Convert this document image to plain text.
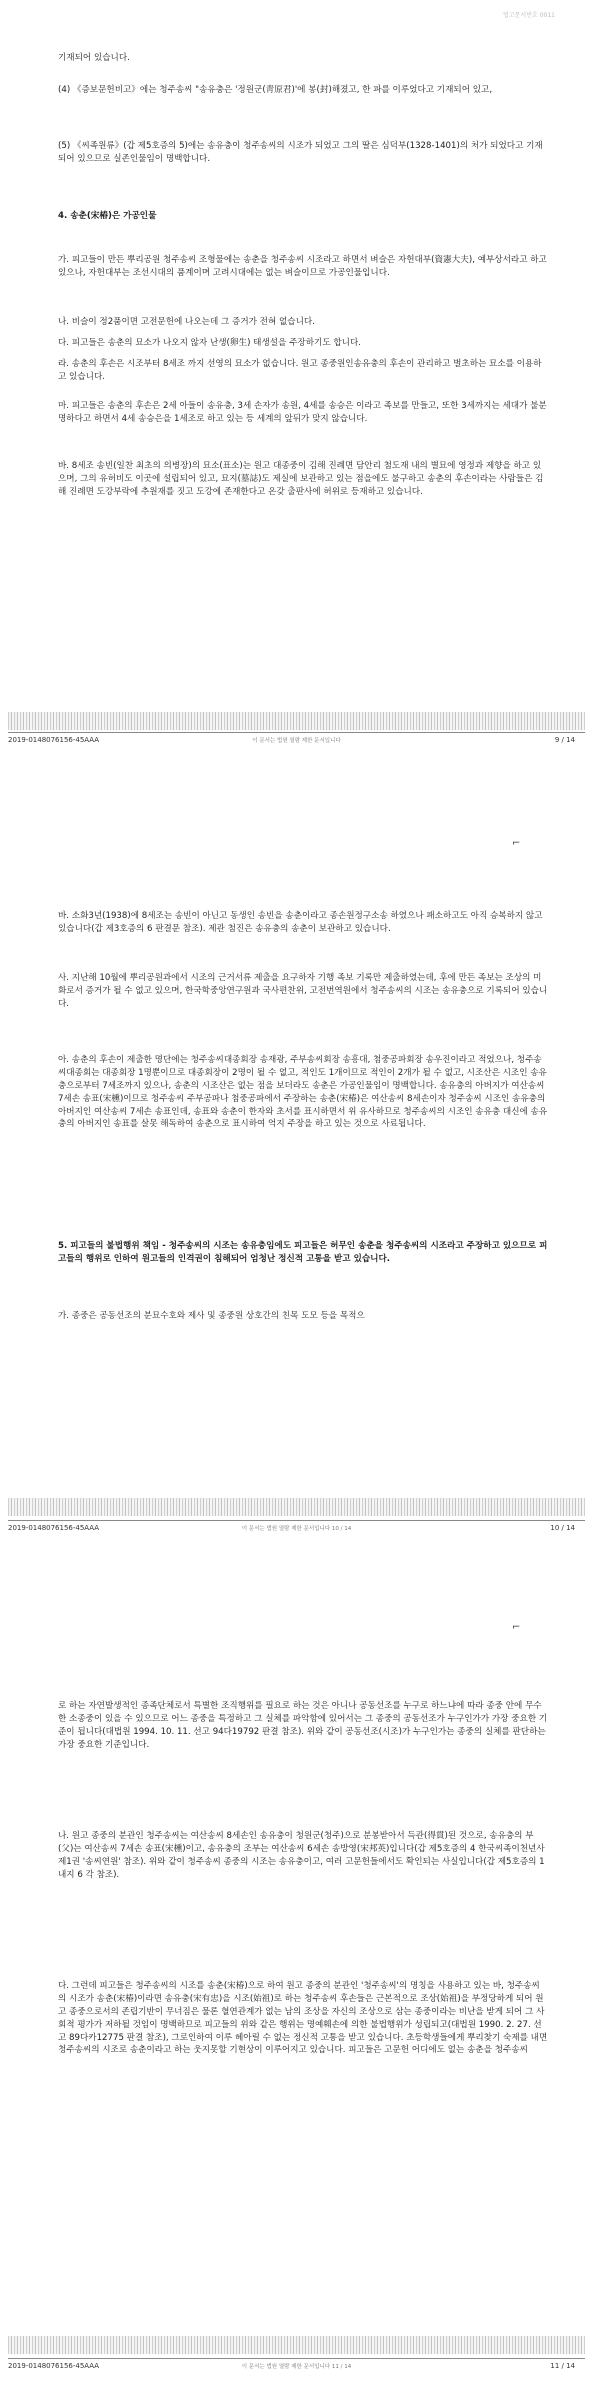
법고문서번호 0011

기재되어 있습니다.

(4) 《증보문헌비고》에는 청주송씨 "송유충은 '정원군(靑原君)'에 봉(封)해졌고, 한 파를 이루었다고 기재되어 있고,

(5) 《씨족원류》(갑 제5호증의 5)에는 송유충이 청주송씨의 시조가 되었고 그의 딸은 심덕부(1328-1401)의 처가 되었다고 기재되어 있으므로 실존인물임이 명백합니다.

4. 송춘(宋椿)은 가공인물

가. 피고들이 만든 뿌리공원 청주송씨 조형물에는 송춘을 청주송씨 시조라고 하면서 벼슬은 자헌대부(資憲大夫), 예부상서라고 하고 있으나, 자헌대부는 조선시대의 품계이며 고려시대에는 없는 벼슬이므로 가공인물입니다.

나. 비슬이 정2품이면 고전문헌에 나오는데 그 증거가 전혀 없습니다.

다. 피고들은 송춘의 묘소가 나오지 않자 난생(卵生) 태생설을 주장하기도 합니다.

라. 송춘의 후손은 시조부터 8세조 까지 선영의 묘소가 없습니다. 원고 종중원인송유충의 후손이 관리하고 벌초하는 묘소를 이용하고 있습니다.

마. 피고들은 송춘의 후손은 2세 아들이 송유충, 3세 손자가 송원, 4세를 송승은 이라고 족보를 만들고, 또한 3세까지는 세대가 불분명하다고 하면서 4세 송승은을 1세조로 하고 있는 등 세계의 앞뒤가 맞지 않습니다.

바. 8세조 송빈(일찬 최초의 의병장)의 묘소(표소)는 원고 대종중이 김해 진례면 담안리 첨도재 내의 별묘에 영정과 제향을 하고 있으며, 그의 유허비도 이곳에 설립되어 있고, 묘지(墓誌)도 제실에 보관하고 있는 점을에도 불구하고 송춘의 후손이라는 사람들은 김해 진례면 도강부락에 추원재를 짓고 도강에 존재한다고 온갖 출판사에 허위로 등재하고 있습니다.

2019-0148076156-45AAA	이 문서는 법원 열람 제한 문서입니다	9 / 14
⌐

바. 소화3년(1938)에 8세조는 송빈이 아닌고 동생인 송빈을 송춘이라고 종손원정구소송 하였으나 패소하고도 아직 승복하지 않고 있습니다(갑 제3호증의 6 판결문 참조). 제관 첨진은 송유충의 송춘이 보관하고 있습니다.

사. 지난해 10월에 뿌리공원과에서 시조의 근거서류 제출을 요구하자 기행 족보 기록만 제출하였는데, 후에 만든 족보는 조상의 미화로서 증거가 될 수 없고 있으며, 한국학중앙연구원과 국사편찬위, 고전번역원에서 청주송씨의 시조는 송유충으로 기록되어 있습니다.

아. 송춘의 후손이 제출한 명단에는 청주송씨대종회장 송재광, 주부송씨회장 송흥대, 첨중공파회장 송우진이라고 적었으나, 청주송씨대종회는 대종회장 1명뿐이므로 대종회장이 2명이 될 수 없고, 적인도 1개이므로 적인이 2개가 될 수 없고, 시조산은 시조인 송유충으로부터 7세조까지 있으나, 송춘의 시조산은 없는 점을 보더라도 송춘은 가공인물임이 명백합니다. 송유충의 아버지가 여산송씨 7세손 송표(宋櫄)이므로 청주송씨 주부공파나 첨중공파에서 주장하는 송춘(宋椿)은 여산송씨 8세손이자 청주송씨 시조인 송유충의 아버지인 여산송씨 7세손 송표인데, 송표와 송춘이 한자와 초서를 표시하면서 위 유사하므로 청주송씨의 시조인 송유충 대신에 송유충의 아버지인 송표를 살못 해독하여 송춘으로 표시하여 억지 주장을 하고 있는 것으로 사료됩니다.

5. 피고들의 불법행위 책임 - 청주송씨의 시조는 송유충임에도 피고들은 허무인 송춘을 청주송씨의 시조라고 주장하고 있으므로 피고들의 행위로 인하여 원고들의 인격권이 침해되어 엄청난 정신적 고통을 받고 있습니다.

가. 종중은 공동선조의 분묘수호와 제사 및 종중원 상호간의 친목 도모 등을 목적으

2019-0148076156-45AAA	이 문서는 법원 열람 제한 문서입니다 10 / 14	10 / 14
⌐

로 하는 자연발생적인 종족단체로서 특별한 조직행위를 필요로 하는 것은 아니나 공동선조를 누구로 하느냐에 따라 종중 안에 무수한 소종중이 있을 수 있으므로 어느 종중을 특정하고 그 실체를 파악함에 있어서는 그 종중의 공동선조가 누구인가가 가장 중요한 기준이 됩니다(대법원 1994. 10. 11. 선고 94다19792 판결 참조). 위와 같이 공동선조(시조)가 누구인가는 종중의 실체를 판단하는 가장 중요한 기준입니다.

나. 원고 종중의 분관인 청주송씨는 여산송씨 8세손인 송유충이 청원군(청주)으로 분봉받아서 득관(得貫)된 것으로, 송유충의 부(父)는 여산송씨 7세손 송표(宋櫄)이고, 송유충의 조부는 여산송씨 6세손 송방영(宋邦英)입니다(갑 제5호증의 4 한국씨족이천년사제1권 '송씨연원' 참조). 위와 같이 청주송씨 종중의 시조는 송유충이고, 여러 고문헌들에서도 확인되는 사실입니다(갑 제5호증의 1 내지 6 각 참조).

다. 그런데 피고들은 청주송씨의 시조를 송춘(宋椿)으로 하여 원고 종중의 분관인 '청주송씨'의 명칭을 사용하고 있는 바, 청주송씨의 시조가 송춘(宋椿)이라면 송유충(宋有忠)을 시조(始祖)로 하는 청주송씨 후손들은 근본적으로 조상(始祖)을 부정당하게 되어 원고 종중으로서의 존립기반이 무너짐은 물론 혈연관계가 없는 남의 조상을 자신의 조상으로 삼는 종중이라는 비난을 받게 되어 그 사회적 평가가 저하될 것임이 명백하므로 피고들의 위와 같은 행위는 명예훼손에 의한 불법행위가 성립되고(대법원 1990. 2. 27. 선고 89다카12775 판결 참조), 그로인하여 이루 헤아릴 수 없는 정신적 고통을 받고 있습니다. 초등학생들에게 뿌리찾기 숙제를 내면 청주송씨의 시조로 송춘이라고 하는 웃지못할 기현상이 이루어지고 있습니다. 피고들은 고문헌 어디에도 없는 송춘을 청주송씨

2019-0148076156-45AAA	이 문서는 법원 열람 제한 문서입니다 11 / 14	11 / 14
